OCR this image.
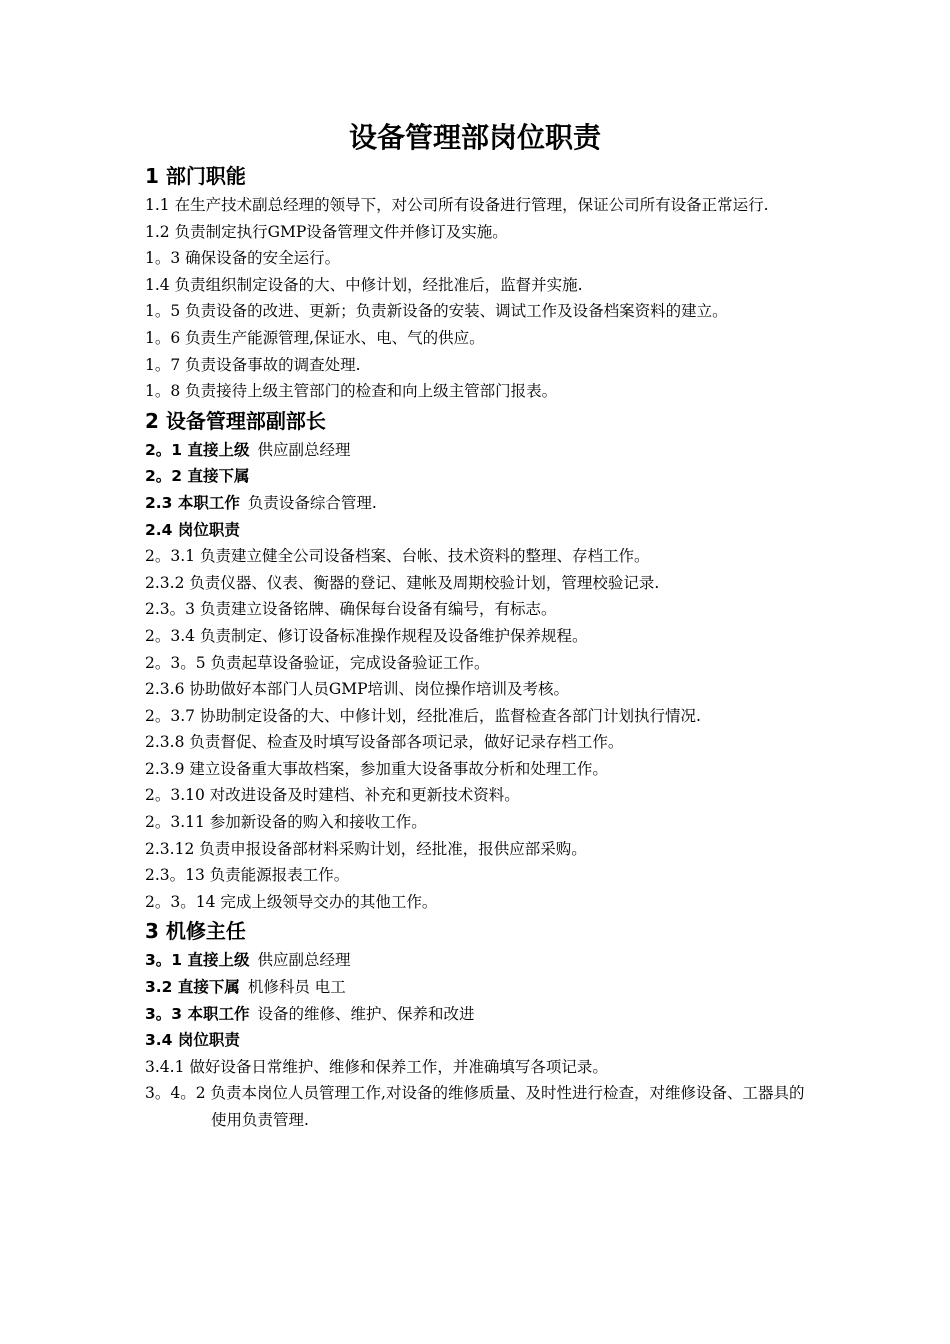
设备管理部岗位职责
1 部门职能

1.1 在生产技术副总经理的领导下，对公司所有设备进行管理，保证公司所有设备正常运行.

1.2 负责制定执行GMP设备管理文件并修订及实施。

1。3 确保设备的安全运行。

1.4 负责组织制定设备的大、中修计划，经批准后，监督并实施.

1。5 负责设备的改进、更新；负责新设备的安装、调试工作及设备档案资料的建立。

1。6 负责生产能源管理,保证水、电、气的供应。

1。7 负责设备事故的调查处理.

1。8 负责接待上级主管部门的检查和向上级主管部门报表。

2 设备管理部副部长

2。1 直接上级 供应副总经理

2。2 直接下属

2.3 本职工作 负责设备综合管理.

2.4 岗位职责

2。3.1 负责建立健全公司设备档案、台帐、技术资料的整理、存档工作。

2.3.2 负责仪器、仪表、衡器的登记、建帐及周期校验计划，管理校验记录.

2.3。3 负责建立设备铭牌、确保每台设备有编号，有标志。

2。3.4 负责制定、修订设备标准操作规程及设备维护保养规程。

2。3。5 负责起草设备验证，完成设备验证工作。

2.3.6 协助做好本部门人员GMP培训、岗位操作培训及考核。

2。3.7 协助制定设备的大、中修计划，经批准后，监督检查各部门计划执行情况.

2.3.8 负责督促、检查及时填写设备部各项记录，做好记录存档工作。

2.3.9 建立设备重大事故档案，参加重大设备事故分析和处理工作。

2。3.10 对改进设备及时建档、补充和更新技术资料。

2。3.11 参加新设备的购入和接收工作。

2.3.12 负责申报设备部材料采购计划，经批准，报供应部采购。

2.3。13 负责能源报表工作。

2。3。14 完成上级领导交办的其他工作。

3 机修主任

3。1 直接上级 供应副总经理

3.2 直接下属 机修科员 电工

3。3 本职工作 设备的维修、维护、保养和改进

3.4 岗位职责

3.4.1 做好设备日常维护、维修和保养工作，并准确填写各项记录。

3。4。2 负责本岗位人员管理工作,对设备的维修质量、及时性进行检查，对维修设备、工器具的使用负责管理.
